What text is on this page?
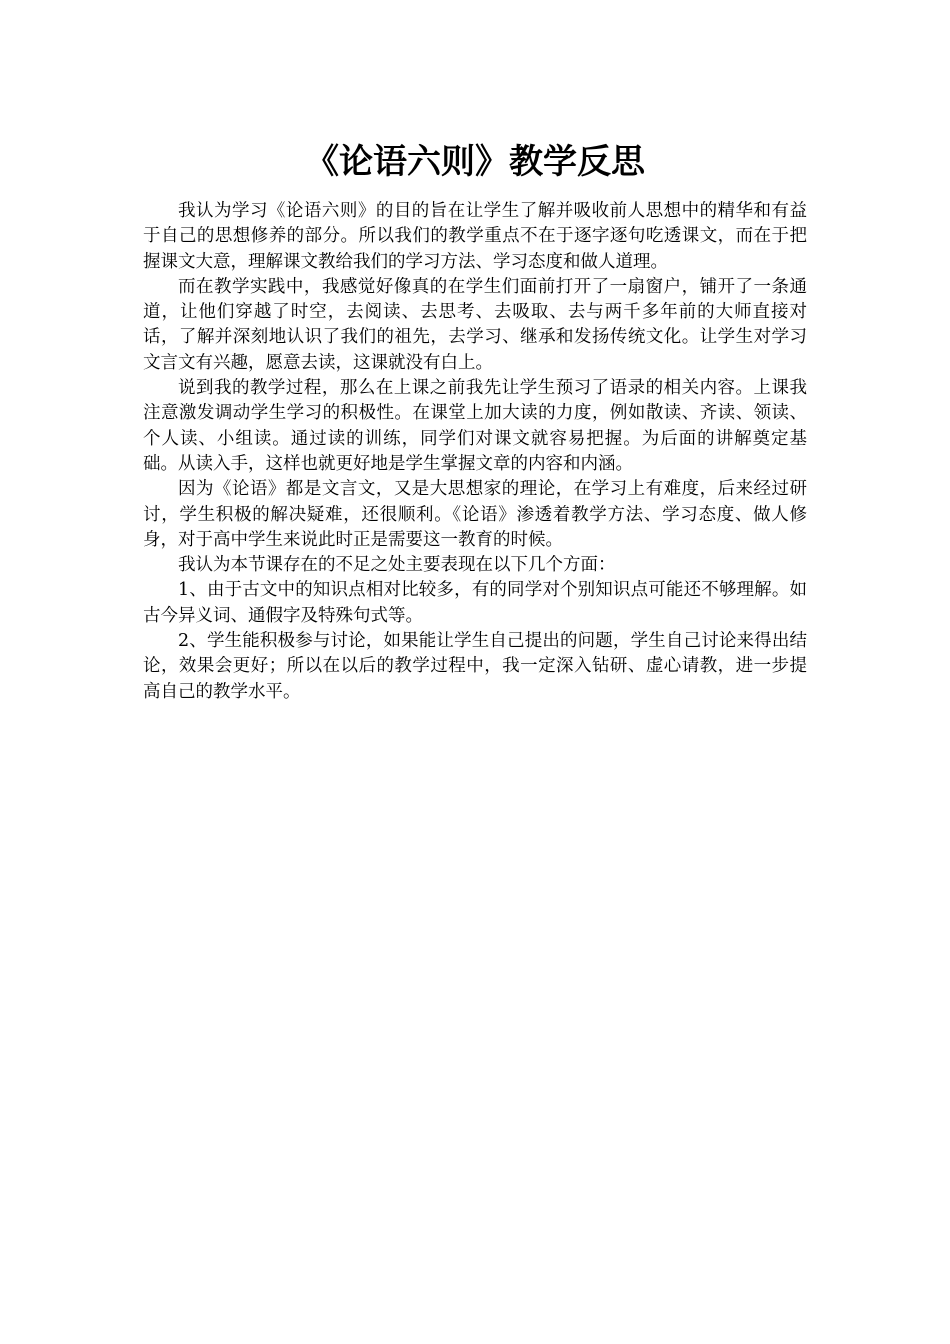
《论语六则》教学反思

我认为学习《论语六则》的目的旨在让学生了解并吸收前人思想中的精华和有益于自己的思想修养的部分。所以我们的教学重点不在于逐字逐句吃透课文，而在于把握课文大意，理解课文教给我们的学习方法、学习态度和做人道理。

而在教学实践中，我感觉好像真的在学生们面前打开了一扇窗户，铺开了一条通道，让他们穿越了时空，去阅读、去思考、去吸取、去与两千多年前的大师直接对话，了解并深刻地认识了我们的祖先，去学习、继承和发扬传统文化。让学生对学习文言文有兴趣，愿意去读，这课就没有白上。

说到我的教学过程，那么在上课之前我先让学生预习了语录的相关内容。上课我注意激发调动学生学习的积极性。在课堂上加大读的力度，例如散读、齐读、领读、个人读、小组读。通过读的训练，同学们对课文就容易把握。为后面的讲解奠定基础。从读入手，这样也就更好地是学生掌握文章的内容和内涵。

因为《论语》都是文言文，又是大思想家的理论，在学习上有难度，后来经过研讨，学生积极的解决疑难，还很顺利。《论语》渗透着教学方法、学习态度、做人修身，对于高中学生来说此时正是需要这一教育的时候。

我认为本节课存在的不足之处主要表现在以下几个方面：

1、由于古文中的知识点相对比较多，有的同学对个别知识点可能还不够理解。如古今异义词、通假字及特殊句式等。

2、学生能积极参与讨论，如果能让学生自己提出的问题，学生自己讨论来得出结论，效果会更好；所以在以后的教学过程中，我一定深入钻研、虚心请教，进一步提高自己的教学水平。
